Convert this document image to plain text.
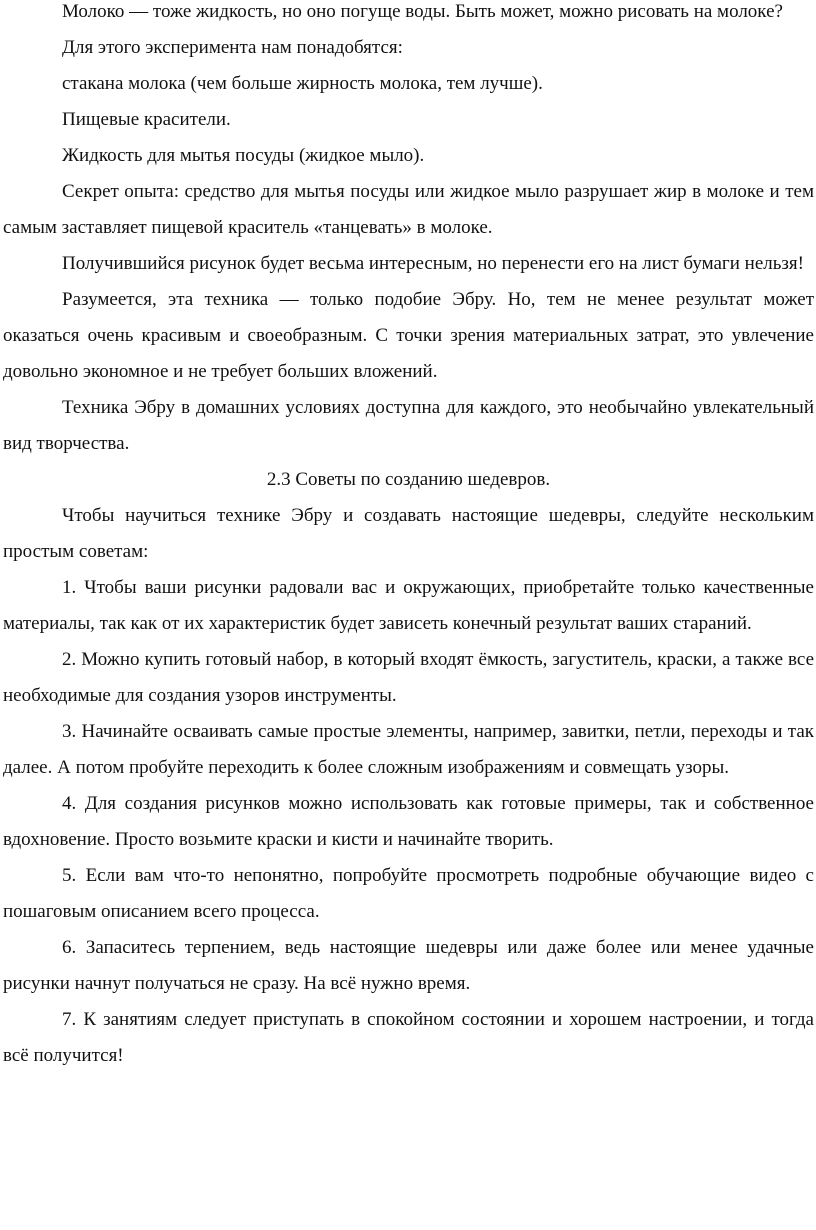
Молоко — тоже жидкость, но оно погуще воды. Быть может, можно рисовать на молоке?

Для этого эксперимента нам понадобятся:

стакана молока (чем больше жирность молока, тем лучше).

Пищевые красители.

Жидкость для мытья посуды (жидкое мыло).

Секрет опыта: средство для мытья посуды или жидкое мыло разрушает жир в молоке и тем самым заставляет пищевой краситель «танцевать» в молоке.

Получившийся рисунок будет весьма интересным, но перенести его на лист бумаги нельзя!

Разумеется, эта техника — только подобие Эбру. Но, тем не менее результат может оказаться очень красивым и своеобразным. С точки зрения материальных затрат, это увлечение довольно экономное и не требует больших вложений.

Техника Эбру в домашних условиях доступна для каждого, это необычайно увлекательный вид творчества.

2.3 Советы по созданию шедевров.

Чтобы научиться технике Эбру и создавать настоящие шедевры, следуйте нескольким простым советам:

1. Чтобы ваши рисунки радовали вас и окружающих, приобретайте только качественные материалы, так как от их характеристик будет зависеть конечный результат ваших стараний.

2. Можно купить готовый набор, в который входят ёмкость, загуститель, краски, а также все необходимые для создания узоров инструменты.

3. Начинайте осваивать самые простые элементы, например, завитки, петли, переходы и так далее. А потом пробуйте переходить к более сложным изображениям и совмещать узоры.

4. Для создания рисунков можно использовать как готовые примеры, так и собственное вдохновение. Просто возьмите краски и кисти и начинайте творить.

5. Если вам что-то непонятно, попробуйте просмотреть подробные обучающие видео с пошаговым описанием всего процесса.

6. Запаситесь терпением, ведь настоящие шедевры или даже более или менее удачные рисунки начнут получаться не сразу. На всё нужно время.

7. К занятиям следует приступать в спокойном состоянии и хорошем настроении, и тогда всё получится!
